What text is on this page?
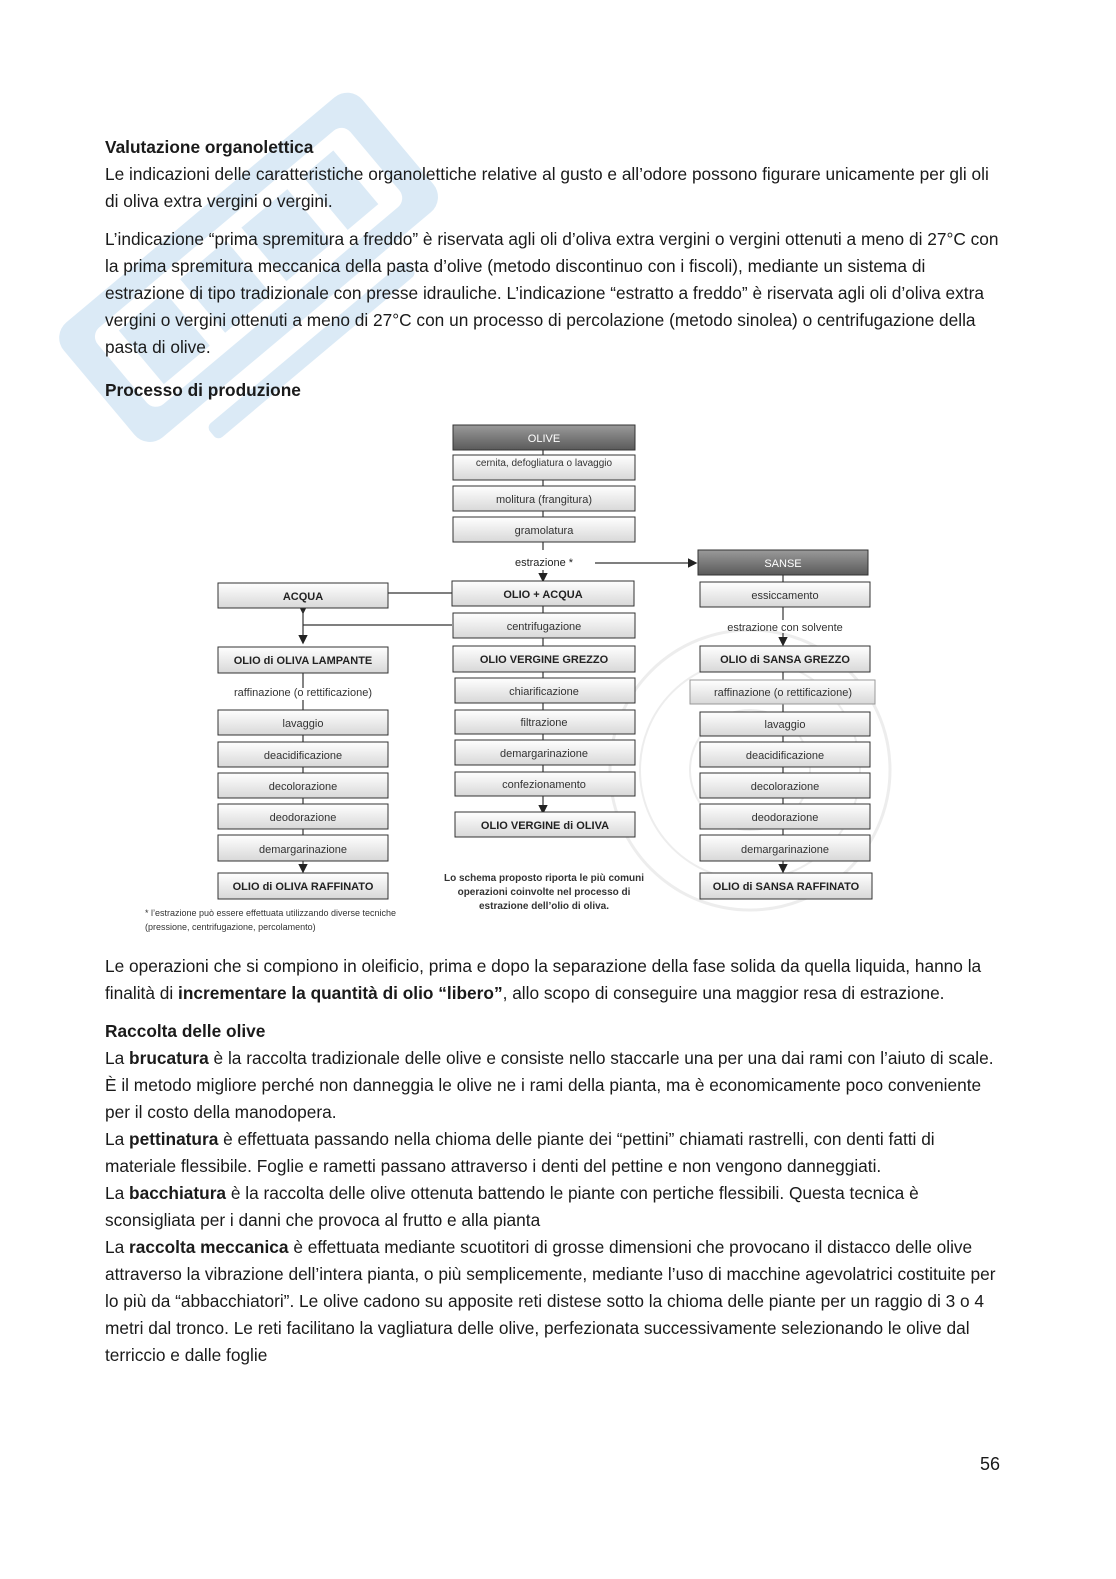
Valutazione organolettica

Le indicazioni delle caratteristiche organolettiche relative al gusto e all’odore possono figurare unicamente per gli oli di oliva extra vergini o vergini.

L’indicazione “prima spremitura a freddo” è riservata agli oli d’oliva extra vergini o vergini ottenuti a meno di 27°C con la prima spremitura meccanica della pasta d’olive (metodo discontinuo con i fiscoli), mediante un sistema di estrazione di tipo tradizionale con presse idrauliche. L’indicazione “estratto a freddo” è riservata agli oli d’oliva extra vergini o vergini ottenuti a meno di 27°C con un processo di percolazione (metodo sinolea) o centrifugazione della pasta di olive.

Processo di produzione

OLIVE
cernita, defogliatura o lavaggio
molitura (frangitura)
gramolatura
estrazione *
OLIO + ACQUA
centrifugazione
OLIO VERGINE GREZZO
chiarificazione
filtrazione
demargarinazione
confezionamento
OLIO VERGINE di OLIVA
Lo schema proposto riporta le più comuni
operazioni coinvolte nel processo di
estrazione dell’olio di oliva.
ACQUA
OLIO di OLIVA LAMPANTE
raffinazione (o rettificazione)
lavaggio
deacidificazione
decolorazione
deodorazione
demargarinazione
OLIO di OLIVA RAFFINATO
* l’estrazione può essere effettuata utilizzando diverse tecniche
(pressione, centrifugazione, percolamento)
SANSE
essiccamento
estrazione con solvente
OLIO di SANSA GREZZO
raffinazione (o rettificazione)
lavaggio
deacidificazione
decolorazione
deodorazione
demargarinazione
OLIO di SANSA RAFFINATO

Le operazioni che si compiono in oleificio, prima e dopo la separazione della fase solida da quella liquida, hanno la finalità di incrementare la quantità di olio “libero”, allo scopo di conseguire una maggior resa di estrazione.

Raccolta delle olive

La brucatura è la raccolta tradizionale delle olive e consiste nello staccarle una per una dai rami con l’aiuto di scale. È il metodo migliore perché non danneggia le olive ne i rami della pianta, ma è economicamente poco conveniente per il costo della manodopera.

La pettinatura è effettuata passando nella chioma delle piante dei “pettini” chiamati rastrelli, con denti fatti di materiale flessibile. Foglie e rametti passano attraverso i denti del pettine e non vengono danneggiati.

La bacchiatura è la raccolta delle olive ottenuta battendo le piante con pertiche flessibili. Questa tecnica è sconsigliata per i danni che provoca al frutto e alla pianta

La raccolta meccanica è effettuata mediante scuotitori di grosse dimensioni che provocano il distacco delle olive attraverso la vibrazione dell’intera pianta, o più semplicemente, mediante l’uso di macchine agevolatrici costituite per lo più da “abbacchiatori”. Le olive cadono su apposite reti distese sotto la chioma delle piante per un raggio di 3 o 4 metri dal tronco. Le reti facilitano la vagliatura delle olive, perfezionata successivamente selezionando le olive dal terriccio e dalle foglie

56
